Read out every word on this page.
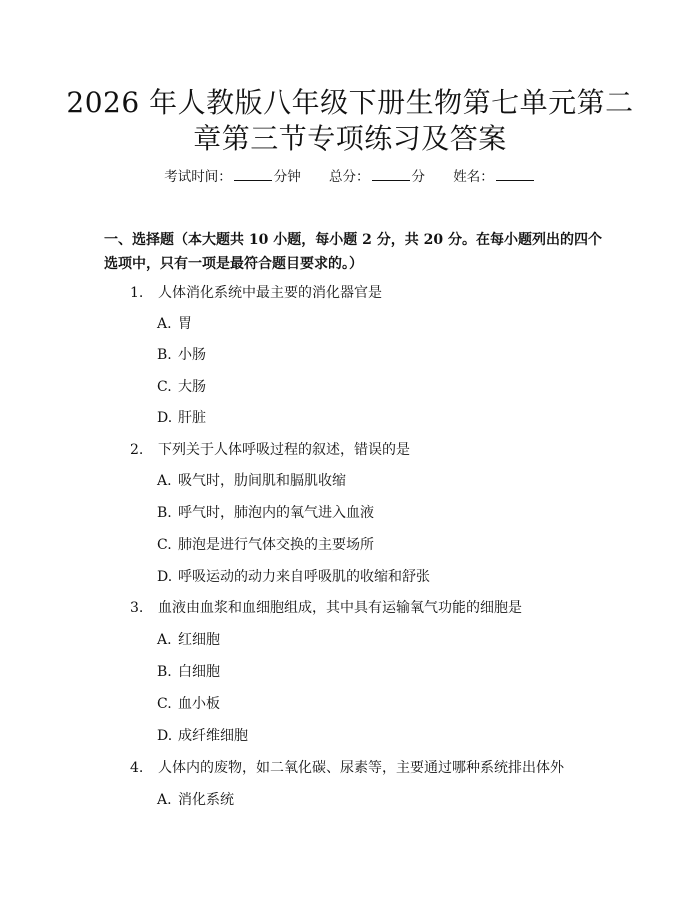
2026 年人教版八年级下册生物第七单元第二
章第三节专项练习及答案
考试时间：	分钟 总分：	分 姓名：
一、选择题（本大题共 10 小题，每小题 2 分，共 20 分。在每小题列出的四个选项中，只有一项是最符合题目要求的。）
1. 人体消化系统中最主要的消化器官是
A. 胃
B. 小肠
C. 大肠
D. 肝脏
2. 下列关于人体呼吸过程的叙述，错误的是
A. 吸气时，肋间肌和膈肌收缩
B. 呼气时，肺泡内的氧气进入血液
C. 肺泡是进行气体交换的主要场所
D. 呼吸运动的动力来自呼吸肌的收缩和舒张
3. 血液由血浆和血细胞组成，其中具有运输氧气功能的细胞是
A. 红细胞
B. 白细胞
C. 血小板
D. 成纤维细胞
4. 人体内的废物，如二氧化碳、尿素等，主要通过哪种系统排出体外
A. 消化系统
